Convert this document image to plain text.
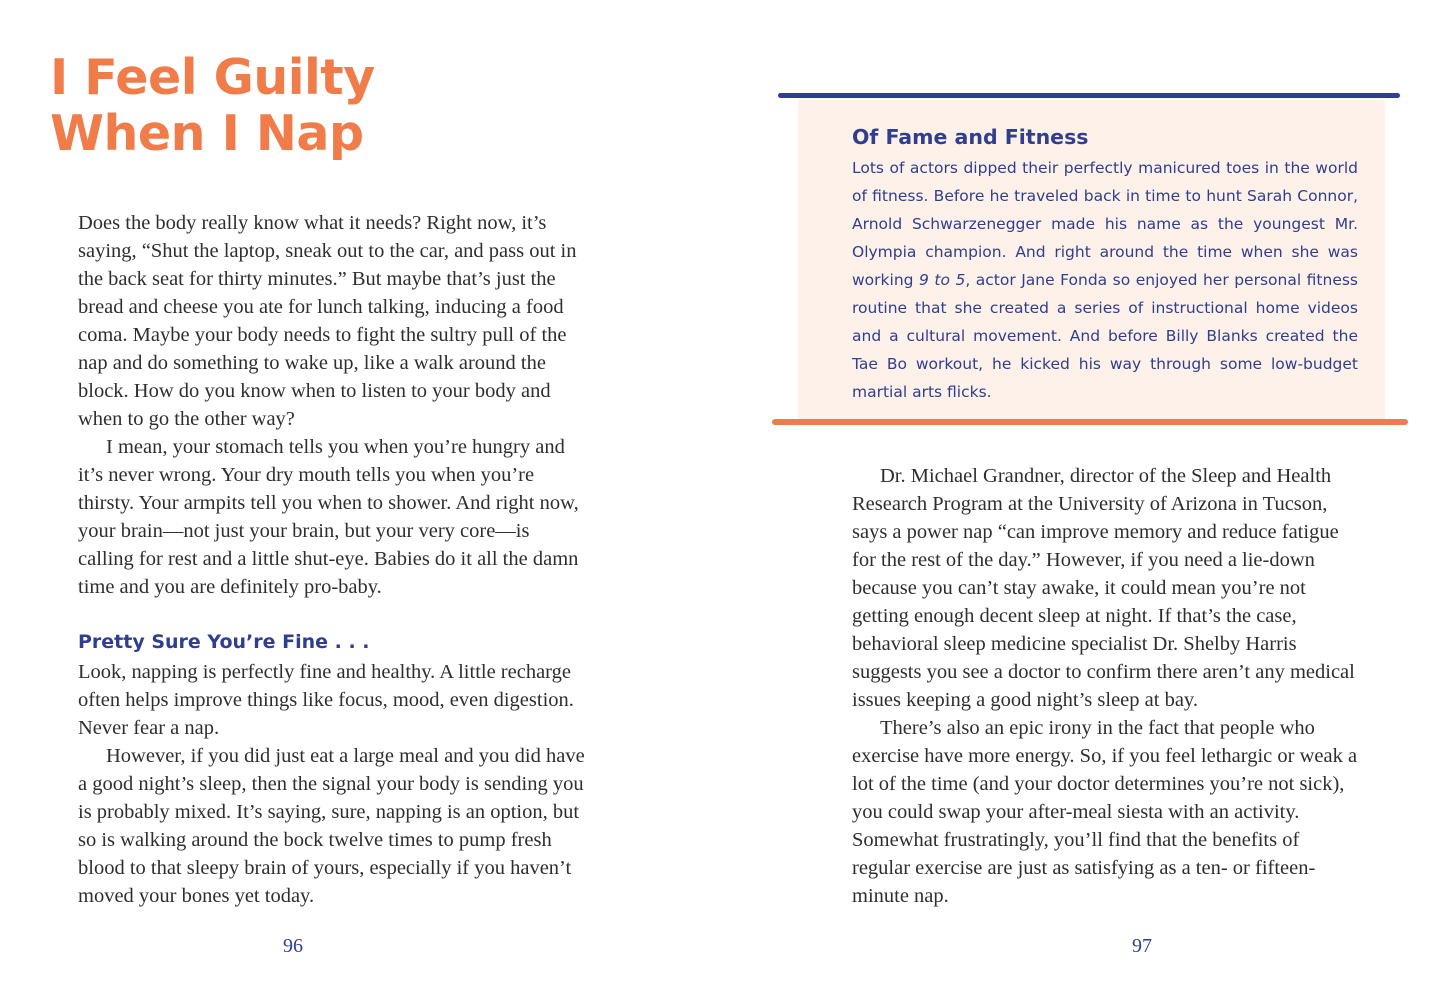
I Feel Guilty
When I Nap

Does the body really know what it needs? Right now, it’s saying, “Shut the laptop, sneak out to the car, and pass out in the back seat for thirty minutes.” But maybe that’s just the bread and cheese you ate for lunch talking, inducing a food coma. Maybe your body needs to fight the sultry pull of the nap and do something to wake up, like a walk around the block. How do you know when to listen to your body and when to go the other way?

I mean, your stomach tells you when you’re hungry and it’s never wrong. Your dry mouth tells you when you’re thirsty. Your armpits tell you when to shower. And right now, your brain—not just your brain, but your very core—is calling for rest and a little shut-eye. Babies do it all the damn time and you are definitely pro-baby.

Pretty Sure You’re Fine . . .

Look, napping is perfectly fine and healthy. A little recharge often helps improve things like focus, mood, even digestion. Never fear a nap.

However, if you did just eat a large meal and you did have a good night’s sleep, then the signal your body is sending you is probably mixed. It’s saying, sure, napping is an option, but so is walking around the bock twelve times to pump fresh blood to that sleepy brain of yours, especially if you haven’t moved your bones yet today.

96
Of Fame and Fitness

Lots of actors dipped their perfectly manicured toes in the world of fitness. Before he traveled back in time to hunt Sarah Connor, Arnold Schwarzenegger made his name as the youngest Mr. Olympia champion. And right around the time when she was working 9 to 5, actor Jane Fonda so enjoyed her personal fitness routine that she created a series of instructional home videos and a cultural movement. And before Billy Blanks created the Tae Bo workout, he kicked his way through some low-budget martial arts flicks.

Dr. Michael Grandner, director of the Sleep and Health Research Program at the University of Arizona in Tucson, says a power nap “can improve memory and reduce fatigue for the rest of the day.” However, if you need a lie-down because you can’t stay awake, it could mean you’re not getting enough decent sleep at night. If that’s the case, behavioral sleep medicine specialist Dr. Shelby Harris suggests you see a doctor to confirm there aren’t any medical issues keeping a good night’s sleep at bay.

There’s also an epic irony in the fact that people who exercise have more energy. So, if you feel lethargic or weak a lot of the time (and your doctor determines you’re not sick), you could swap your after-meal siesta with an activity. Somewhat frustratingly, you’ll find that the benefits of regular exercise are just as satisfying as a ten- or fifteen-minute nap.

97
